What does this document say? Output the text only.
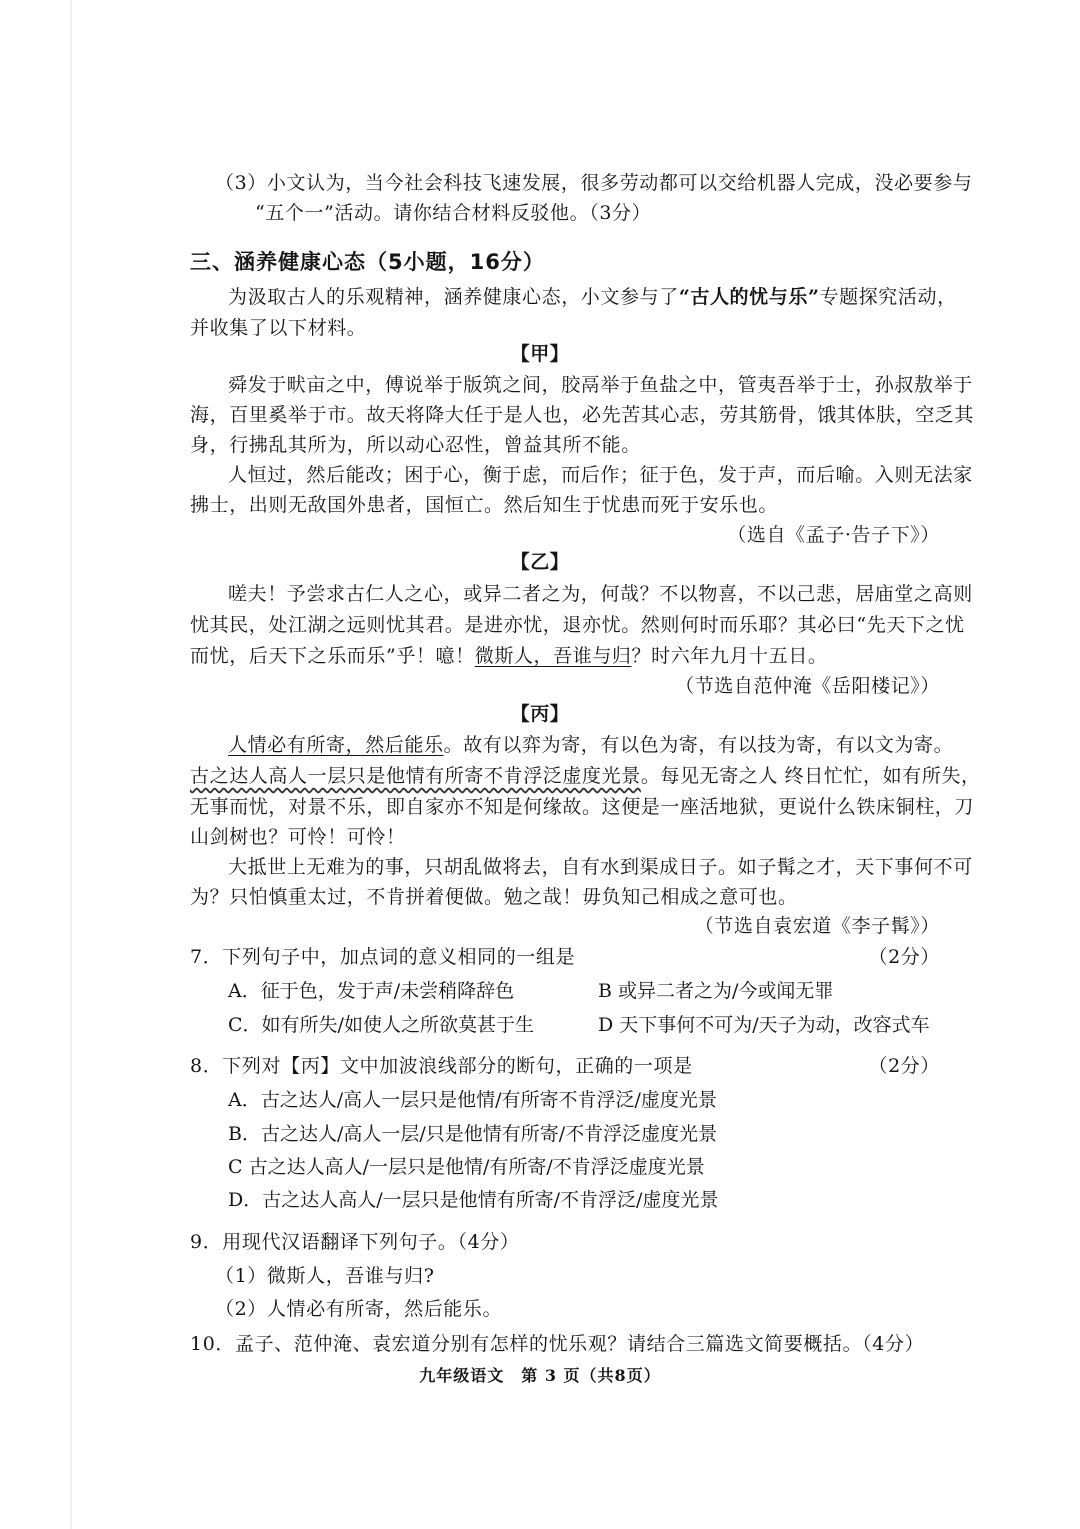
（3）小文认为，当今社会科技飞速发展，很多劳动都可以交给机器人完成，没必要参与
“五个一”活动。请你结合材料反驳他。（3分）
三、涵养健康心态（5小题，16分）
为汲取古人的乐观精神，涵养健康心态，小文参与了“古人的忧与乐”专题探究活动，
并收集了以下材料。
【甲】
舜发于畎亩之中，傅说举于版筑之间，胶鬲举于鱼盐之中，管夷吾举于士，孙叔敖举于
海，百里奚举于市。故天将降大任于是人也，必先苦其心志，劳其筋骨，饿其体肤，空乏其
身，行拂乱其所为，所以动心忍性，曾益其所不能。
人恒过，然后能改；困于心，衡于虑，而后作；征于色，发于声，而后喻。入则无法家
拂士，出则无敌国外患者，国恒亡。然后知生于忧患而死于安乐也。
（选自《孟子·告子下》）
【乙】
嗟夫！予尝求古仁人之心，或异二者之为，何哉？不以物喜，不以己悲，居庙堂之高则
忧其民，处江湖之远则忧其君。是进亦忧，退亦忧。然则何时而乐耶？其必曰“先天下之忧
而忧，后天下之乐而乐”乎！噫！微斯人，吾谁与归？时六年九月十五日。
（节选自范仲淹《岳阳楼记》）
【丙】
人情必有所寄，然后能乐。故有以弈为寄，有以色为寄，有以技为寄，有以文为寄。
古之达人高人一层只是他情有所寄不肯浮泛虚度光景。每见无寄之人 终日忙忙，如有所失，
无事而忧，对景不乐，即自家亦不知是何缘故。这便是一座活地狱，更说什么铁床铜柱，刀
山剑树也？可怜！可怜！
大抵世上无难为的事，只胡乱做将去，自有水到渠成日子。如子髯之才，天下事何不可
为？只怕慎重太过，不肯拼着便做。勉之哉！毋负知己相成之意可也。
（节选自袁宏道《李子髯》）
7．下列句子中，加点词的意义相同的一组是	（2分）
A．征于色，发于声/未尝稍降辞色	B 或异二者之为/今或闻无罪
C．如有所失/如使人之所欲莫甚于生	D 天下事何不可为/天子为动，改容式车
8．下列对【丙】文中加波浪线部分的断句，正确的一项是	（2分）
A．古之达人/高人一层只是他情/有所寄不肯浮泛/虚度光景
B．古之达人/高人一层/只是他情有所寄/不肯浮泛虚度光景
C 古之达人高人/一层只是他情/有所寄/不肯浮泛虚度光景
D．古之达人高人/一层只是他情有所寄/不肯浮泛/虚度光景
9．用现代汉语翻译下列句子。（4分）
（1）微斯人，吾谁与归?
（2）人情必有所寄，然后能乐。
10．孟子、范仲淹、袁宏道分别有怎样的忧乐观？请结合三篇选文简要概括。（4分）
九年级语文　第 3 页（共8页）
